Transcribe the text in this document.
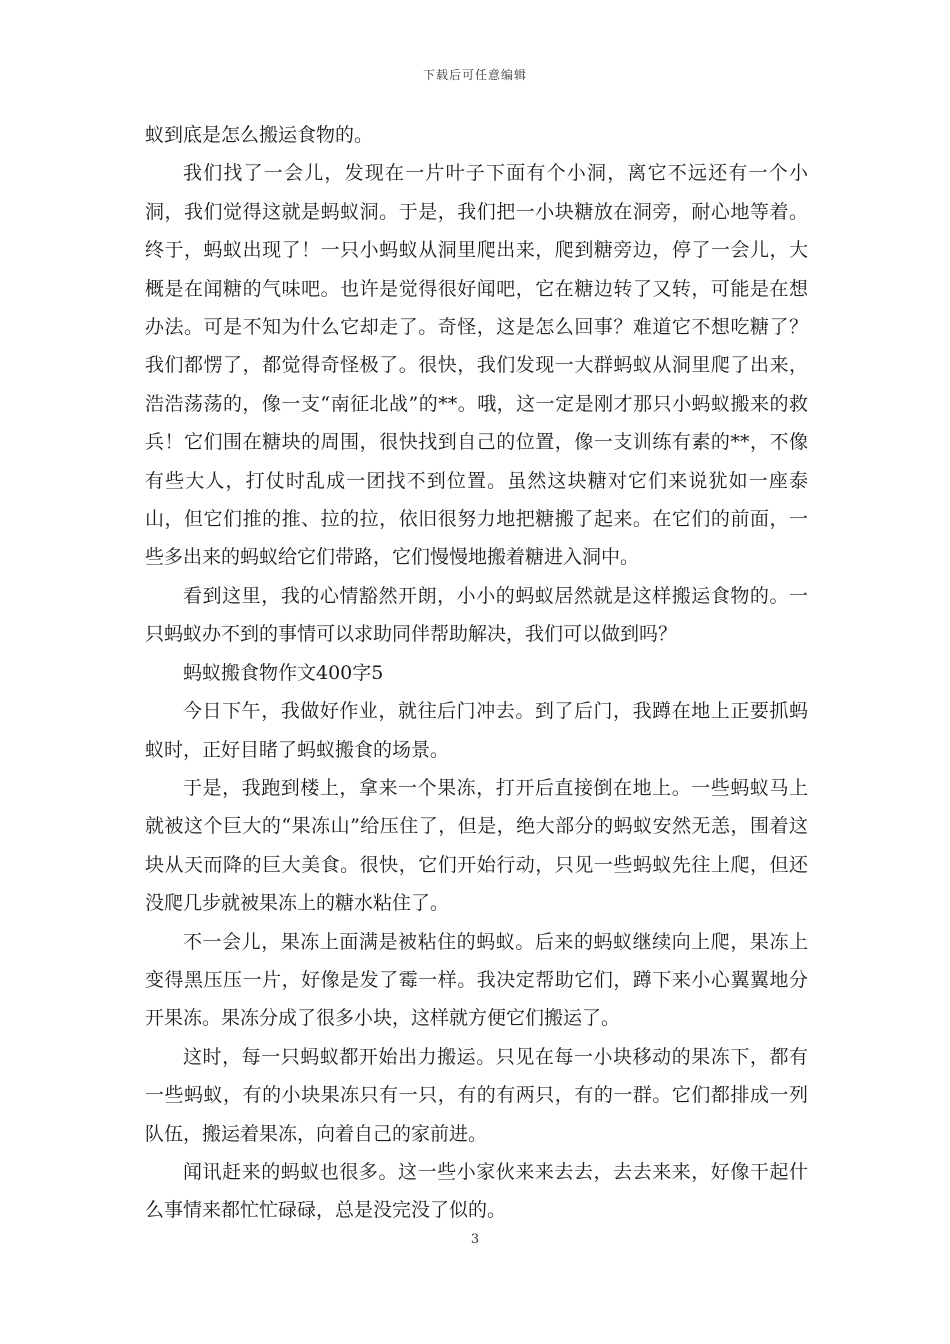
下载后可任意编辑

蚁到底是怎么搬运食物的。

我们找了一会儿，发现在一片叶子下面有个小洞，离它不远还有一个小洞，我们觉得这就是蚂蚁洞。于是，我们把一小块糖放在洞旁，耐心地等着。终于，蚂蚁出现了！一只小蚂蚁从洞里爬出来，爬到糖旁边，停了一会儿，大概是在闻糖的气味吧。也许是觉得很好闻吧，它在糖边转了又转，可能是在想办法。可是不知为什么它却走了。奇怪，这是怎么回事？难道它不想吃糖了？我们都愣了，都觉得奇怪极了。很快，我们发现一大群蚂蚁从洞里爬了出来，浩浩荡荡的，像一支“南征北战”的**。哦，这一定是刚才那只小蚂蚁搬来的救兵！它们围在糖块的周围，很快找到自己的位置，像一支训练有素的**，不像有些大人，打仗时乱成一团找不到位置。虽然这块糖对它们来说犹如一座泰山，但它们推的推、拉的拉，依旧很努力地把糖搬了起来。在它们的前面，一些多出来的蚂蚁给它们带路，它们慢慢地搬着糖进入洞中。

看到这里，我的心情豁然开朗，小小的蚂蚁居然就是这样搬运食物的。一只蚂蚁办不到的事情可以求助同伴帮助解决，我们可以做到吗？

蚂蚁搬食物作文400字5

今日下午，我做好作业，就往后门冲去。到了后门，我蹲在地上正要抓蚂蚁时，正好目睹了蚂蚁搬食的场景。

于是，我跑到楼上，拿来一个果冻，打开后直接倒在地上。一些蚂蚁马上就被这个巨大的“果冻山”给压住了，但是，绝大部分的蚂蚁安然无恙，围着这块从天而降的巨大美食。很快，它们开始行动，只见一些蚂蚁先往上爬，但还没爬几步就被果冻上的糖水粘住了。

不一会儿，果冻上面满是被粘住的蚂蚁。后来的蚂蚁继续向上爬，果冻上变得黑压压一片，好像是发了霉一样。我决定帮助它们，蹲下来小心翼翼地分开果冻。果冻分成了很多小块，这样就方便它们搬运了。

这时，每一只蚂蚁都开始出力搬运。只见在每一小块移动的果冻下，都有一些蚂蚁，有的小块果冻只有一只，有的有两只，有的一群。它们都排成一列队伍，搬运着果冻，向着自己的家前进。

闻讯赶来的蚂蚁也很多。这一些小家伙来来去去，去去来来，好像干起什么事情来都忙忙碌碌，总是没完没了似的。

3
